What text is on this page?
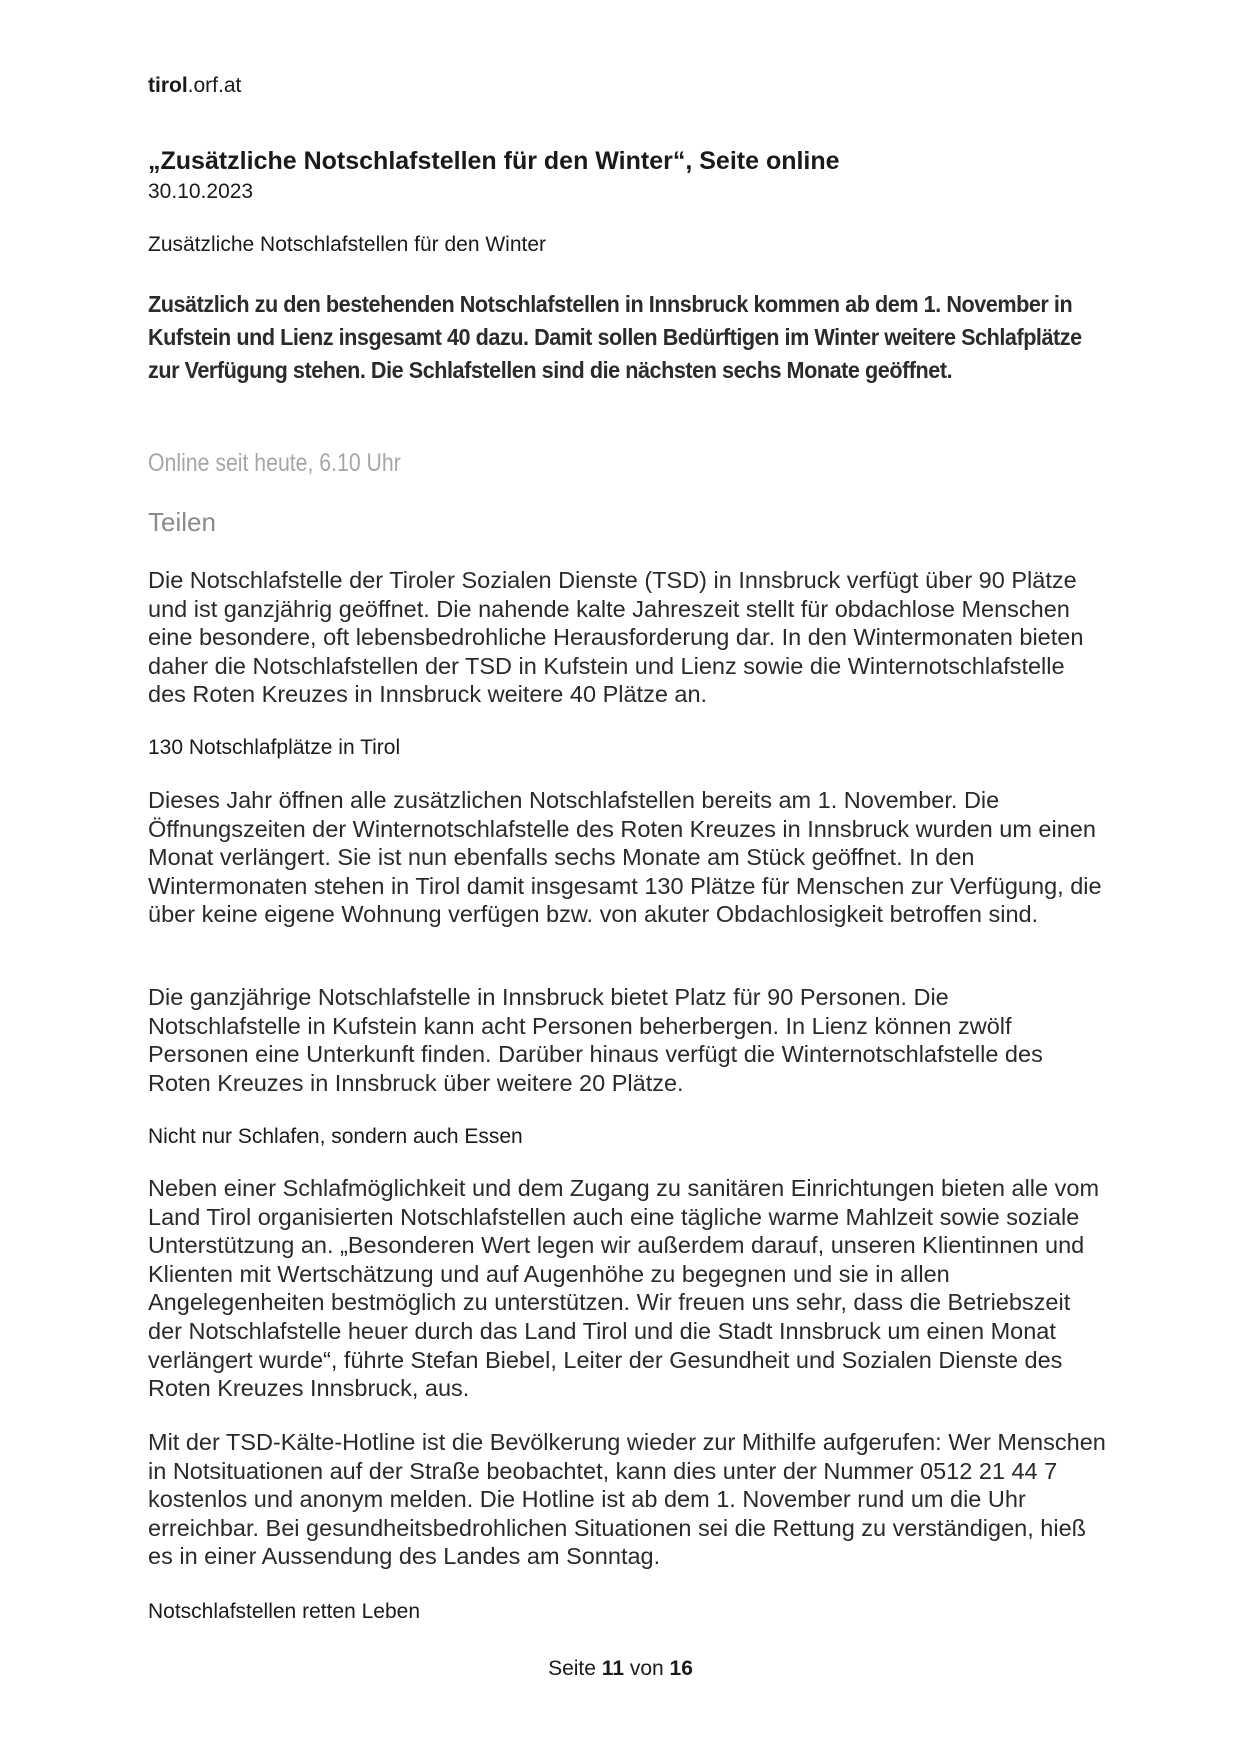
tirol.orf.at
„Zusätzliche Notschlafstellen für den Winter“, Seite online
30.10.2023
Zusätzliche Notschlafstellen für den Winter
Zusätzlich zu den bestehenden Notschlafstellen in Innsbruck kommen ab dem 1. November in Kufstein und Lienz insgesamt 40 dazu. Damit sollen Bedürftigen im Winter weitere Schlafplätze zur Verfügung stehen. Die Schlafstellen sind die nächsten sechs Monate geöffnet.
Online seit heute, 6.10 Uhr
Teilen

Die Notschlafstelle der Tiroler Sozialen Dienste (TSD) in Innsbruck verfügt über 90 Plätze und ist ganzjährig geöffnet. Die nahende kalte Jahreszeit stellt für obdachlose Menschen eine besondere, oft lebensbedrohliche Herausforderung dar. In den Wintermonaten bieten daher die Notschlafstellen der TSD in Kufstein und Lienz sowie die Winternotschlafstelle des Roten Kreuzes in Innsbruck weitere 40 Plätze an.

130 Notschlafplätze in Tirol

Dieses Jahr öffnen alle zusätzlichen Notschlafstellen bereits am 1. November. Die Öffnungszeiten der Winternotschlafstelle des Roten Kreuzes in Innsbruck wurden um einen Monat verlängert. Sie ist nun ebenfalls sechs Monate am Stück geöffnet. In den Wintermonaten stehen in Tirol damit insgesamt 130 Plätze für Menschen zur Verfügung, die über keine eigene Wohnung verfügen bzw. von akuter Obdachlosigkeit betroffen sind.

Die ganzjährige Notschlafstelle in Innsbruck bietet Platz für 90 Personen. Die Notschlafstelle in Kufstein kann acht Personen beherbergen. In Lienz können zwölf Personen eine Unterkunft finden. Darüber hinaus verfügt die Winternotschlafstelle des Roten Kreuzes in Innsbruck über weitere 20 Plätze.

Nicht nur Schlafen, sondern auch Essen

Neben einer Schlafmöglichkeit und dem Zugang zu sanitären Einrichtungen bieten alle vom Land Tirol organisierten Notschlafstellen auch eine tägliche warme Mahlzeit sowie soziale Unterstützung an. „Besonderen Wert legen wir außerdem darauf, unseren Klientinnen und Klienten mit Wertschätzung und auf Augenhöhe zu begegnen und sie in allen Angelegenheiten bestmöglich zu unterstützen. Wir freuen uns sehr, dass die Betriebszeit der Notschlafstelle heuer durch das Land Tirol und die Stadt Innsbruck um einen Monat verlängert wurde“, führte Stefan Biebel, Leiter der Gesundheit und Sozialen Dienste des Roten Kreuzes Innsbruck, aus.

Mit der TSD-Kälte-Hotline ist die Bevölkerung wieder zur Mithilfe aufgerufen: Wer Menschen in Notsituationen auf der Straße beobachtet, kann dies unter der Nummer 0512 21 44 7 kostenlos und anonym melden. Die Hotline ist ab dem 1. November rund um die Uhr erreichbar. Bei gesundheitsbedrohlichen Situationen sei die Rettung zu verständigen, hieß es in einer Aussendung des Landes am Sonntag.

Notschlafstellen retten Leben

Seite 11 von 16
